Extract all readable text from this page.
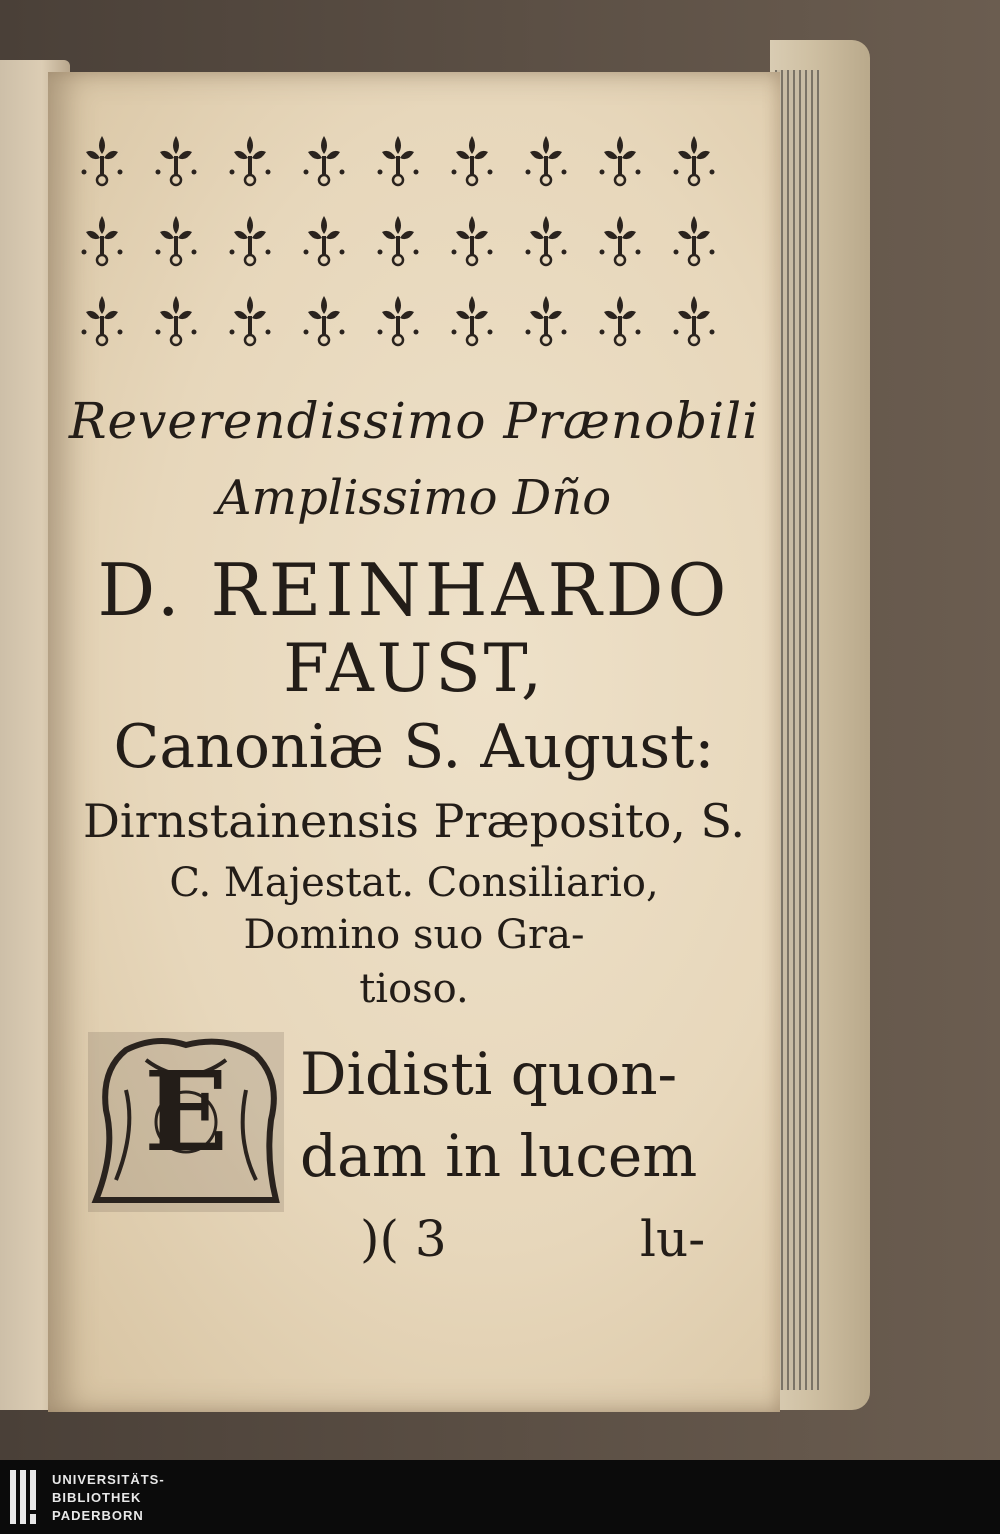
Reverendissimo Prænobili
Amplissimo Dño
D. REINHARDO
FAUST,
Canoniæ S. August:
Dirnstainensis Præposito, S.
C. Majestat. Consiliario,
Domino suo Gra-
tioso.
E Didisti quon-
dam in lucem
)( 3	lu-
UNIVERSITÄTS-
BIBLIOTHEK
PADERBORN
